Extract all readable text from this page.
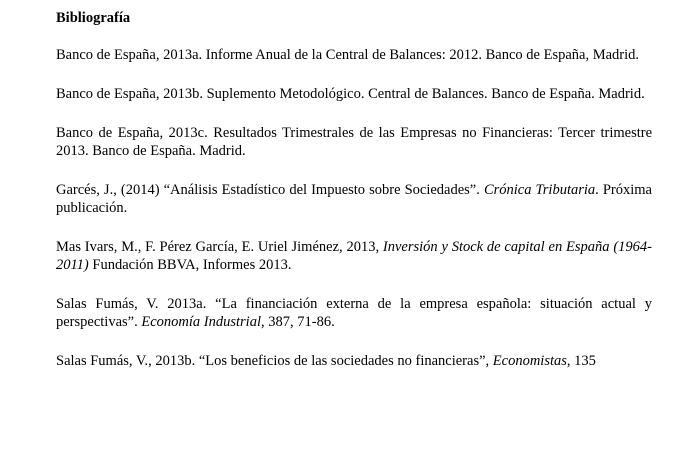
Bibliografía
Banco de España, 2013a. Informe Anual de la Central de Balances: 2012. Banco de España, Madrid.
Banco de España, 2013b. Suplemento Metodológico. Central de Balances. Banco de España. Madrid.
Banco de España, 2013c. Resultados Trimestrales de las Empresas no Financieras: Tercer trimestre 2013. Banco de España. Madrid.
Garcés, J., (2014) “Análisis Estadístico del Impuesto sobre Sociedades”. Crónica Tributaria. Próxima publicación.
Mas Ivars, M., F. Pérez García, E. Uriel Jiménez, 2013, Inversión y Stock de capital en España (1964-2011) Fundación BBVA, Informes 2013.
Salas Fumás, V. 2013a. “La financiación externa de la empresa española: situación actual y perspectivas”. Economía Industrial, 387, 71-86.
Salas Fumás, V., 2013b. “Los beneficios de las sociedades no financieras”, Economistas, 135
